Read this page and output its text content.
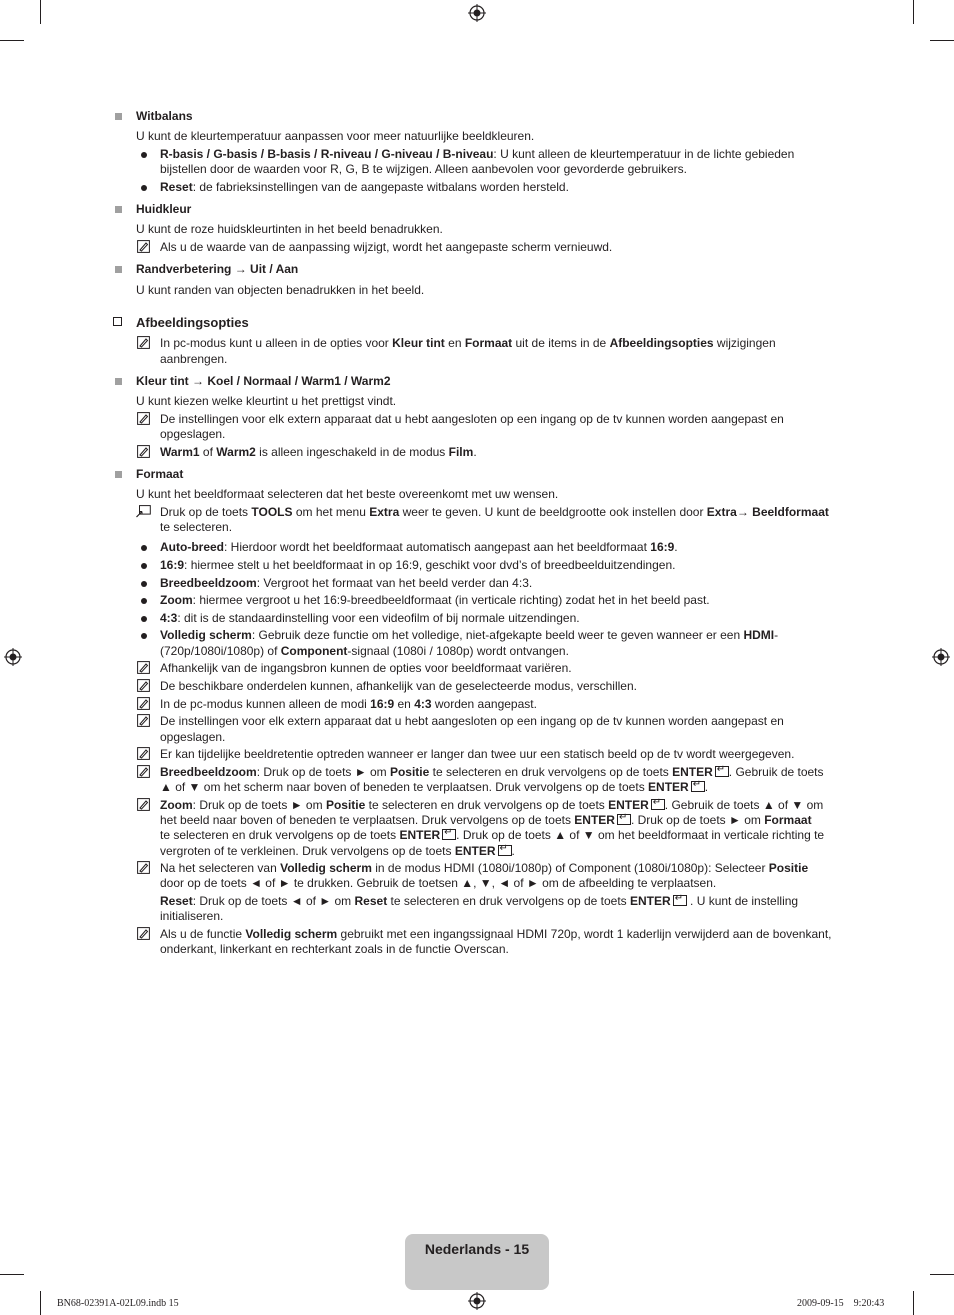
Witbalans
U kunt de kleurtemperatuur aanpassen voor meer natuurlijke beeldkleuren.
R-basis / G-basis / B-basis / R-niveau / G-niveau / B-niveau: U kunt alleen de kleurtemperatuur in de lichte gebieden
bijstellen door de waarden voor R, G, B te wijzigen. Alleen aanbevolen voor gevorderde gebruikers.
Reset: de fabrieksinstellingen van de aangepaste witbalans worden hersteld.
Huidkleur
U kunt de roze huidskleurtinten in het beeld benadrukken.
Als u de waarde van de aanpassing wijzigt, wordt het aangepaste scherm vernieuwd.
Randverbetering → Uit / Aan
U kunt randen van objecten benadrukken in het beeld.
Afbeeldingsopties
In pc-modus kunt u alleen in de opties voor Kleur tint en Formaat uit de items in de Afbeeldingsopties wijzigingen
aanbrengen.
Kleur tint → Koel / Normaal / Warm1 / Warm2
U kunt kiezen welke kleurtint u het prettigst vindt.
De instellingen voor elk extern apparaat dat u hebt aangesloten op een ingang op de tv kunnen worden aangepast en
opgeslagen.
Warm1 of Warm2 is alleen ingeschakeld in de modus Film.
Formaat
U kunt het beeldformaat selecteren dat het beste overeenkomt met uw wensen.
Druk op de toets TOOLS om het menu Extra weer te geven. U kunt de beeldgrootte ook instellen door Extra→ Beeldformaat
te selecteren.
Auto-breed: Hierdoor wordt het beeldformaat automatisch aangepast aan het beeldformaat 16:9.
16:9: hiermee stelt u het beeldformaat in op 16:9, geschikt voor dvd’s of breedbeelduitzendingen.
Breedbeeldzoom: Vergroot het formaat van het beeld verder dan 4:3.
Zoom: hiermee vergroot u het 16:9-breedbeeldformaat (in verticale richting) zodat het in het beeld past.
4:3: dit is de standaardinstelling voor een videofilm of bij normale uitzendingen.
Volledig scherm: Gebruik deze functie om het volledige, niet-afgekapte beeld weer te geven wanneer er een HDMI-
(720p/1080i/1080p) of Component-signaal (1080i / 1080p) wordt ontvangen.
Afhankelijk van de ingangsbron kunnen de opties voor beeldformaat variëren.
De beschikbare onderdelen kunnen, afhankelijk van de geselecteerde modus, verschillen.
In de pc-modus kunnen alleen de modi 16:9 en 4:3 worden aangepast.
De instellingen voor elk extern apparaat dat u hebt aangesloten op een ingang op de tv kunnen worden aangepast en
opgeslagen.
Er kan tijdelijke beeldretentie optreden wanneer er langer dan twee uur een statisch beeld op de tv wordt weergegeven.
Breedbeeldzoom: Druk op de toets ► om Positie te selecteren en druk vervolgens op de toets ENTER ↵ . Gebruik de toets
▲ of ▼ om het scherm naar boven of beneden te verplaatsen. Druk vervolgens op de toets ENTER ↵ .
Zoom: Druk op de toets ► om Positie te selecteren en druk vervolgens op de toets ENTER ↵ . Gebruik de toets ▲ of ▼ om
het beeld naar boven of beneden te verplaatsen. Druk vervolgens op de toets ENTER ↵ . Druk op de toets ► om Formaat
te selecteren en druk vervolgens op de toets ENTER ↵ . Druk op de toets ▲ of ▼ om het beeldformaat in verticale richting te
vergroten of te verkleinen. Druk vervolgens op de toets ENTER ↵ .
Na het selecteren van Volledig scherm in de modus HDMI (1080i/1080p) of Component (1080i/1080p): Selecteer Positie
door op de toets ◄ of ► te drukken. Gebruik de toetsen ▲, ▼, ◄ of ► om de afbeelding te verplaatsen.
Reset: Druk op de toets ◄ of ► om Reset te selecteren en druk vervolgens op de toets ENTER↵ . U kunt de instelling
initialiseren.
Als u de functie Volledig scherm gebruikt met een ingangssignaal HDMI 720p, wordt 1 kaderlijn verwijderd aan de bovenkant,
onderkant, linkerkant en rechterkant zoals in de functie Overscan.
Nederlands - 15
BN68-02391A-02L09.indb 15	2009-09-15    9:20:43
